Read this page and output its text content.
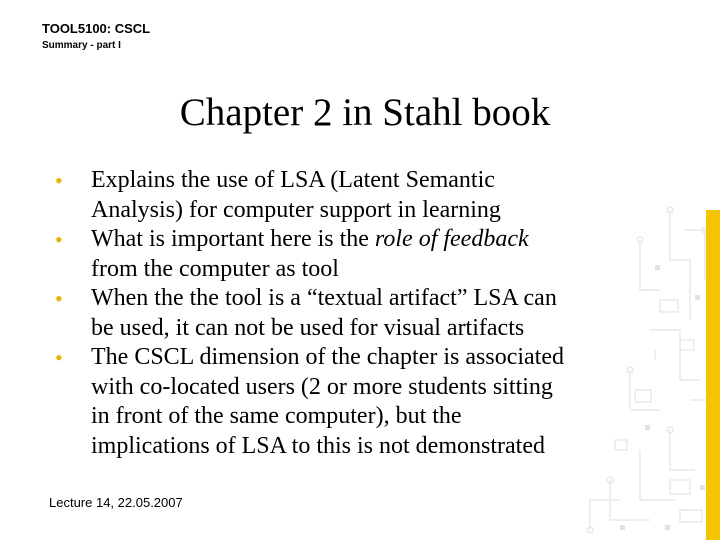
TOOL5100: CSCL
Summary - part I
Chapter 2 in Stahl book
• Explains the use of LSA (Latent Semantic
Analysis) for computer support in learning
• What is important here is the role of feedback
from the computer as tool
• When the the tool is a “textual artifact” LSA can
be used, it can not be used for visual artifacts
• The CSCL dimension of the chapter is associated
with co-located users (2 or more students sitting
in front of the same computer), but the
implications of LSA to this is not demonstrated
Lecture 14, 22.05.2007
